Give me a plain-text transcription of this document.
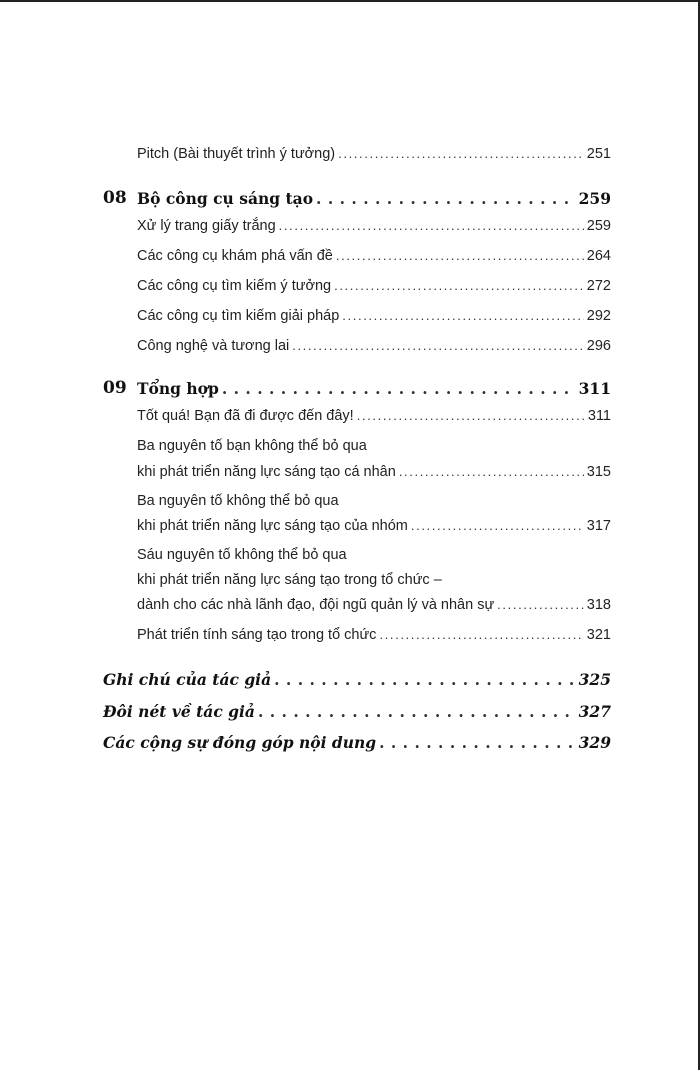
Pitch (Bài thuyết trình ý tưởng) . . .	251
08 Bộ công cụ sáng tạo . . .	259
Xử lý trang giấy trắng . . .	259
Các công cụ khám phá vấn đề . . .	264
Các công cụ tìm kiếm ý tưởng . . .	272
Các công cụ tìm kiếm giải pháp . . .	292
Công nghệ và tương lai . . .	296
09 Tổng hợp . . .	311
Tốt quá! Bạn đã đi được đến đây! . . .	311
Ba nguyên tố bạn không thể bỏ qua
khi phát triển năng lực sáng tạo cá nhân . . .	315
Ba nguyên tố không thể bỏ qua
khi phát triển năng lực sáng tạo của nhóm . . .	317
Sáu nguyên tố không thể bỏ qua
khi phát triển năng lực sáng tạo trong tổ chức –
dành cho các nhà lãnh đạo, đội ngũ quản lý và nhân sự . . .	318
Phát triển tính sáng tạo trong tổ chức . . .	321
Ghi chú của tác giả . . .	325
Đôi nét về tác giả . . .	327
Các cộng sự đóng góp nội dung . . .	329
